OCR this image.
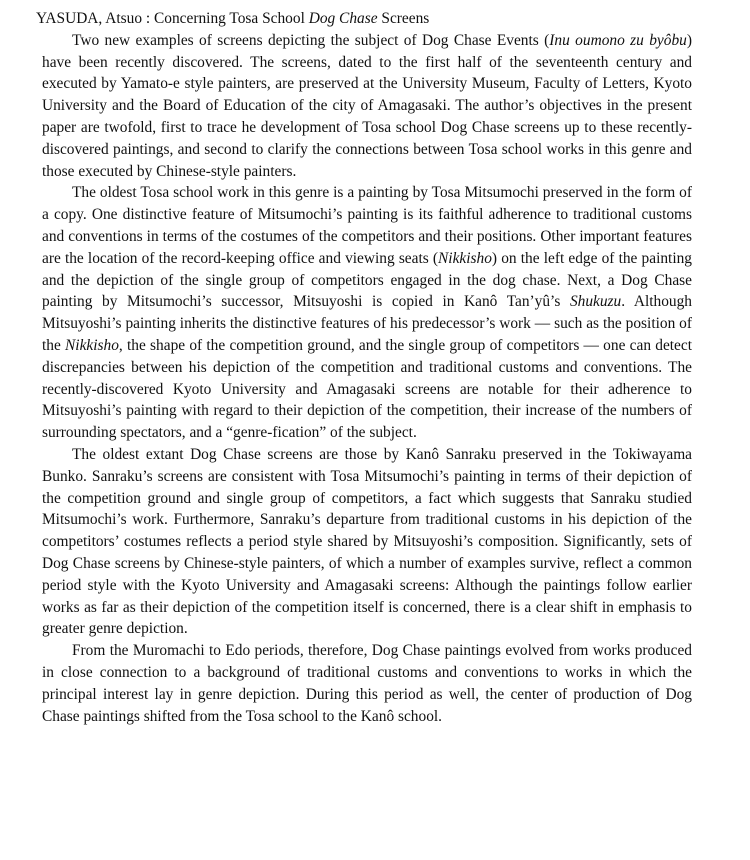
YASUDA, Atsuo : Concerning Tosa School Dog Chase Screens

Two new examples of screens depicting the subject of Dog Chase Events (Inu oumono zu byôbu) have been recently discovered. The screens, dated to the first half of the seventeenth century and executed by Yamato-e style painters, are preserved at the University Museum, Faculty of Letters, Kyoto University and the Board of Education of the city of Amagasaki. The author’s objectives in the present paper are twofold, first to trace he development of Tosa school Dog Chase screens up to these recently-discovered paintings, and second to clarify the connections between Tosa school works in this genre and those executed by Chinese-style painters.

The oldest Tosa school work in this genre is a painting by Tosa Mitsumochi preserved in the form of a copy. One distinctive feature of Mitsumochi’s painting is its faithful adherence to traditional customs and conventions in terms of the costumes of the competitors and their positions. Other important features are the location of the record-keeping office and viewing seats (Nikkisho) on the left edge of the painting and the depiction of the single group of competitors engaged in the dog chase. Next, a Dog Chase painting by Mitsumochi’s successor, Mitsuyoshi is copied in Kanô Tan’yû’s Shukuzu. Although Mitsuyoshi’s painting inherits the distinctive features of his predecessor’s work — such as the position of the Nikkisho, the shape of the competition ground, and the single group of competitors — one can detect discrepancies between his depiction of the competition and traditional customs and conventions. The recently-discovered Kyoto University and Amagasaki screens are notable for their adherence to Mitsuyoshi’s painting with regard to their depiction of the competition, their increase of the numbers of surrounding spectators, and a “genre-fication” of the subject.

The oldest extant Dog Chase screens are those by Kanô Sanraku preserved in the Tokiwayama Bunko. Sanraku’s screens are consistent with Tosa Mitsumochi’s painting in terms of their depiction of the competition ground and single group of competitors, a fact which suggests that Sanraku studied Mitsumochi’s work. Furthermore, Sanraku’s departure from traditional customs in his depiction of the competitors’ costumes reflects a period style shared by Mitsuyoshi’s composition. Significantly, sets of Dog Chase screens by Chinese-style painters, of which a number of examples survive, reflect a common period style with the Kyoto University and Amagasaki screens: Although the paintings follow earlier works as far as their depiction of the competition itself is concerned, there is a clear shift in emphasis to greater genre depiction.

From the Muromachi to Edo periods, therefore, Dog Chase paintings evolved from works produced in close connection to a background of traditional customs and conventions to works in which the principal interest lay in genre depiction. During this period as well, the center of production of Dog Chase paintings shifted from the Tosa school to the Kanô school.
